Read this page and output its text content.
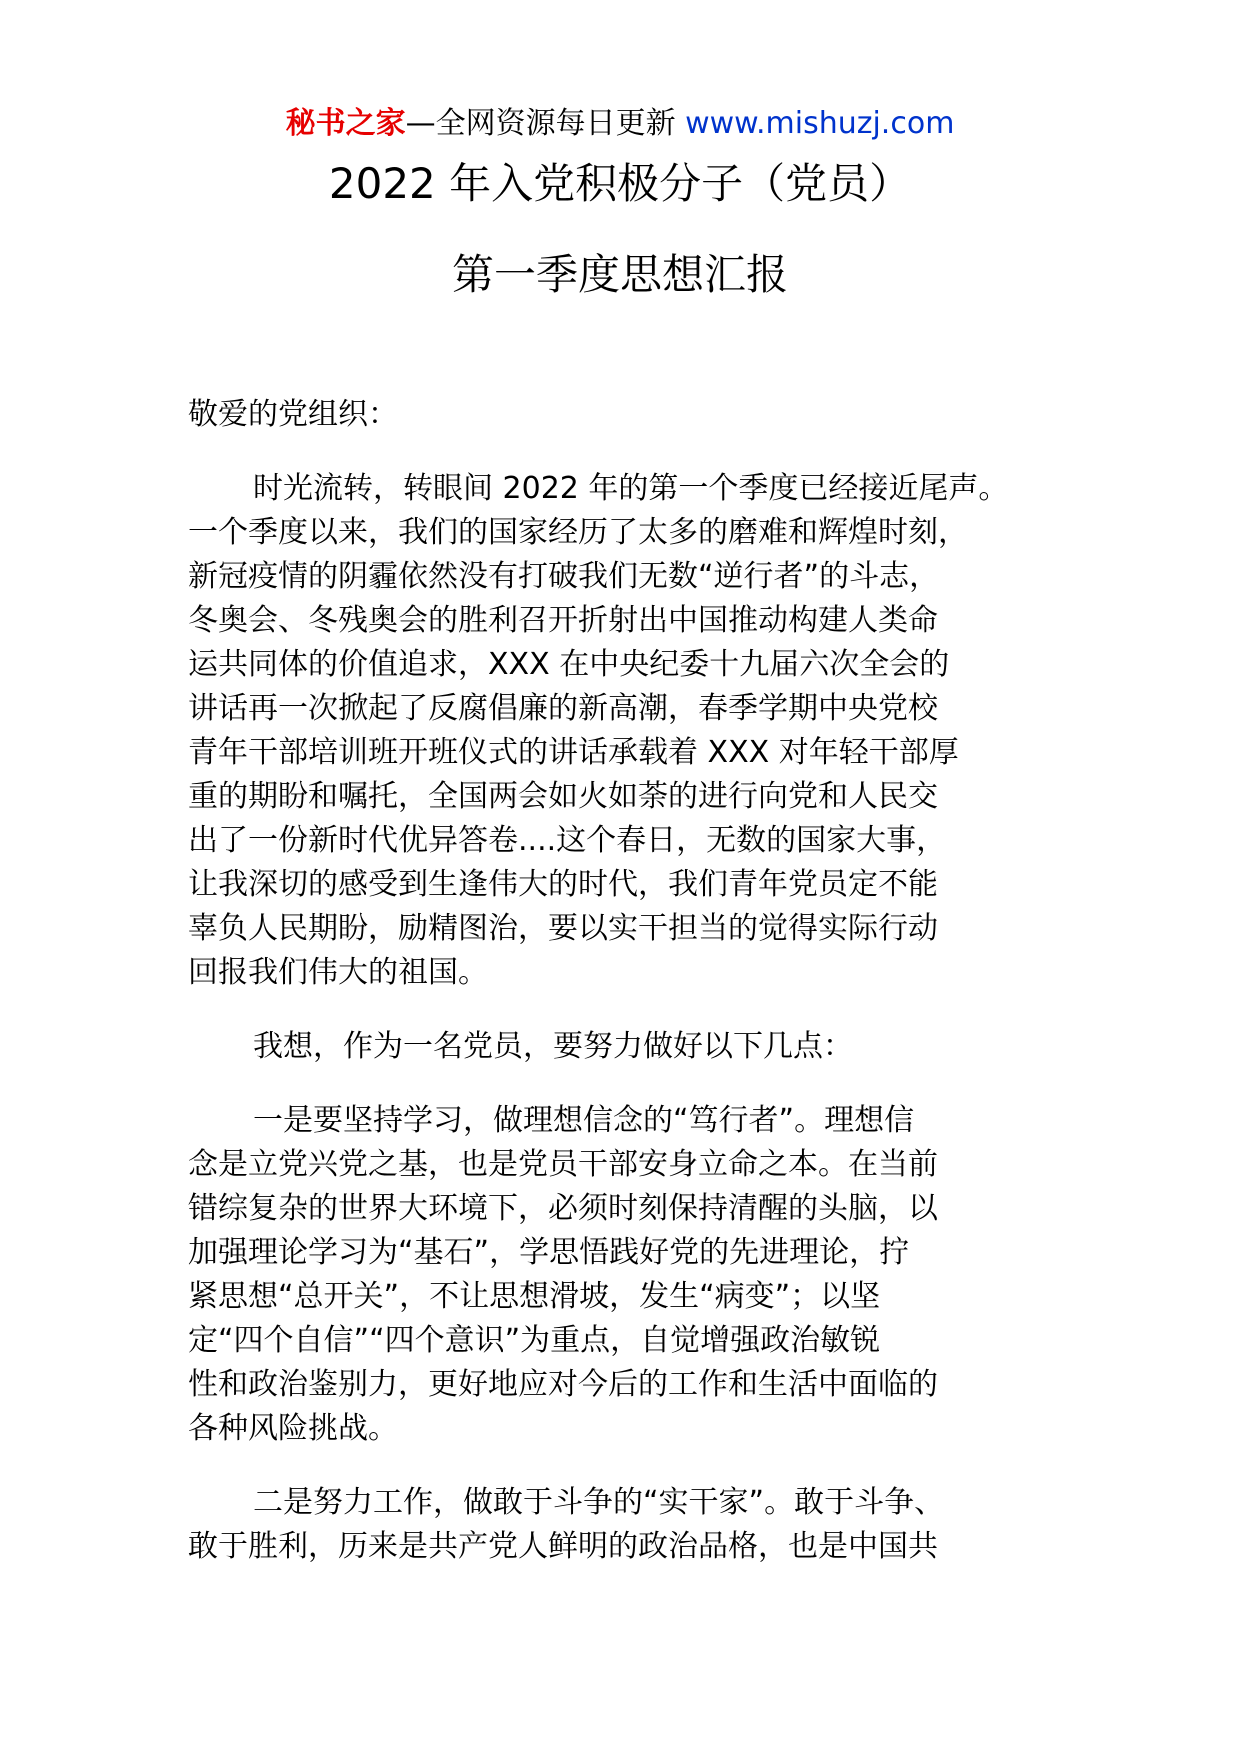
秘书之家—全网资源每日更新 www.mishuzj.com
2022 年入党积极分子（党员）
第一季度思想汇报

敬爱的党组织：

时光流转，转眼间 2022 年的第一个季度已经接近尾声。

一个季度以来，我们的国家经历了太多的磨难和辉煌时刻，

新冠疫情的阴霾依然没有打破我们无数“逆行者”的斗志，

冬奥会、冬残奥会的胜利召开折射出中国推动构建人类命

运共同体的价值追求，XXX 在中央纪委十九届六次全会的

讲话再一次掀起了反腐倡廉的新高潮，春季学期中央党校

青年干部培训班开班仪式的讲话承载着 XXX 对年轻干部厚

重的期盼和嘱托，全国两会如火如荼的进行向党和人民交

出了一份新时代优异答卷....这个春日，无数的国家大事，

让我深切的感受到生逢伟大的时代，我们青年党员定不能

辜负人民期盼，励精图治，要以实干担当的觉得实际行动

回报我们伟大的祖国。

我想，作为一名党员，要努力做好以下几点：

一是要坚持学习，做理想信念的“笃行者”。理想信

念是立党兴党之基，也是党员干部安身立命之本。在当前

错综复杂的世界大环境下，必须时刻保持清醒的头脑，以

加强理论学习为“基石”，学思悟践好党的先进理论，拧

紧思想“总开关”，不让思想滑坡，发生“病变”；以坚

定“四个自信”“四个意识”为重点，自觉增强政治敏锐

性和政治鉴别力，更好地应对今后的工作和生活中面临的

各种风险挑战。

二是努力工作，做敢于斗争的“实干家”。敢于斗争、

敢于胜利，历来是共产党人鲜明的政治品格，也是中国共
